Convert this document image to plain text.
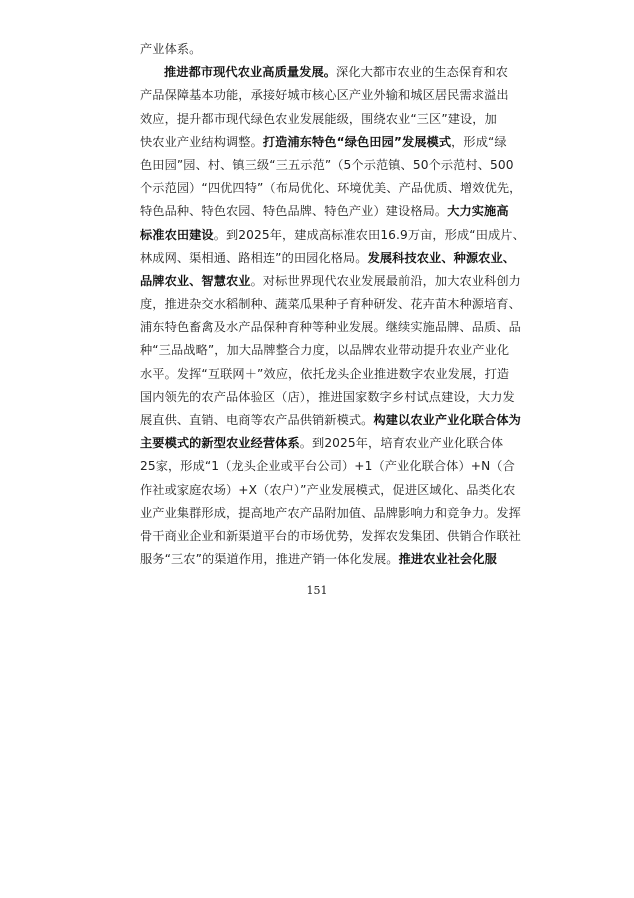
产业体系。
推进都市现代农业高质量发展。深化大都市农业的生态保育和农
产品保障基本功能，承接好城市核心区产业外输和城区居民需求溢出
效应，提升都市现代绿色农业发展能级，围绕农业“三区”建设，加
快农业产业结构调整。打造浦东特色“绿色田园”发展模式，形成“绿
色田园”园、村、镇三级“三五示范”（5个示范镇、50个示范村、500
个示范园）“四优四特”（布局优化、环境优美、产品优质、增效优先，
特色品种、特色农园、特色品牌、特色产业）建设格局。大力实施高
标准农田建设。到2025年，建成高标准农田16.9万亩，形成“田成片、
林成网、渠相通、路相连”的田园化格局。发展科技农业、种源农业、
品牌农业、智慧农业。对标世界现代农业发展最前沿，加大农业科创力
度，推进杂交水稻制种、蔬菜瓜果种子育种研发、花卉苗木种源培育、
浦东特色畜禽及水产品保种育种等种业发展。继续实施品牌、品质、品
种“三品战略”，加大品牌整合力度，以品牌农业带动提升农业产业化
水平。发挥“互联网＋”效应，依托龙头企业推进数字农业发展，打造
国内领先的农产品体验区（店），推进国家数字乡村试点建设，大力发
展直供、直销、电商等农产品供销新模式。构建以农业产业化联合体为
主要模式的新型农业经营体系。到2025年，培育农业产业化联合体
25家，形成“1（龙头企业或平台公司）+1（产业化联合体）+N（合
作社或家庭农场）+X（农户）”产业发展模式，促进区域化、品类化农
业产业集群形成，提高地产农产品附加值、品牌影响力和竞争力。发挥
骨干商业企业和新渠道平台的市场优势，发挥农发集团、供销合作联社
服务“三农”的渠道作用，推进产销一体化发展。推进农业社会化服
151
